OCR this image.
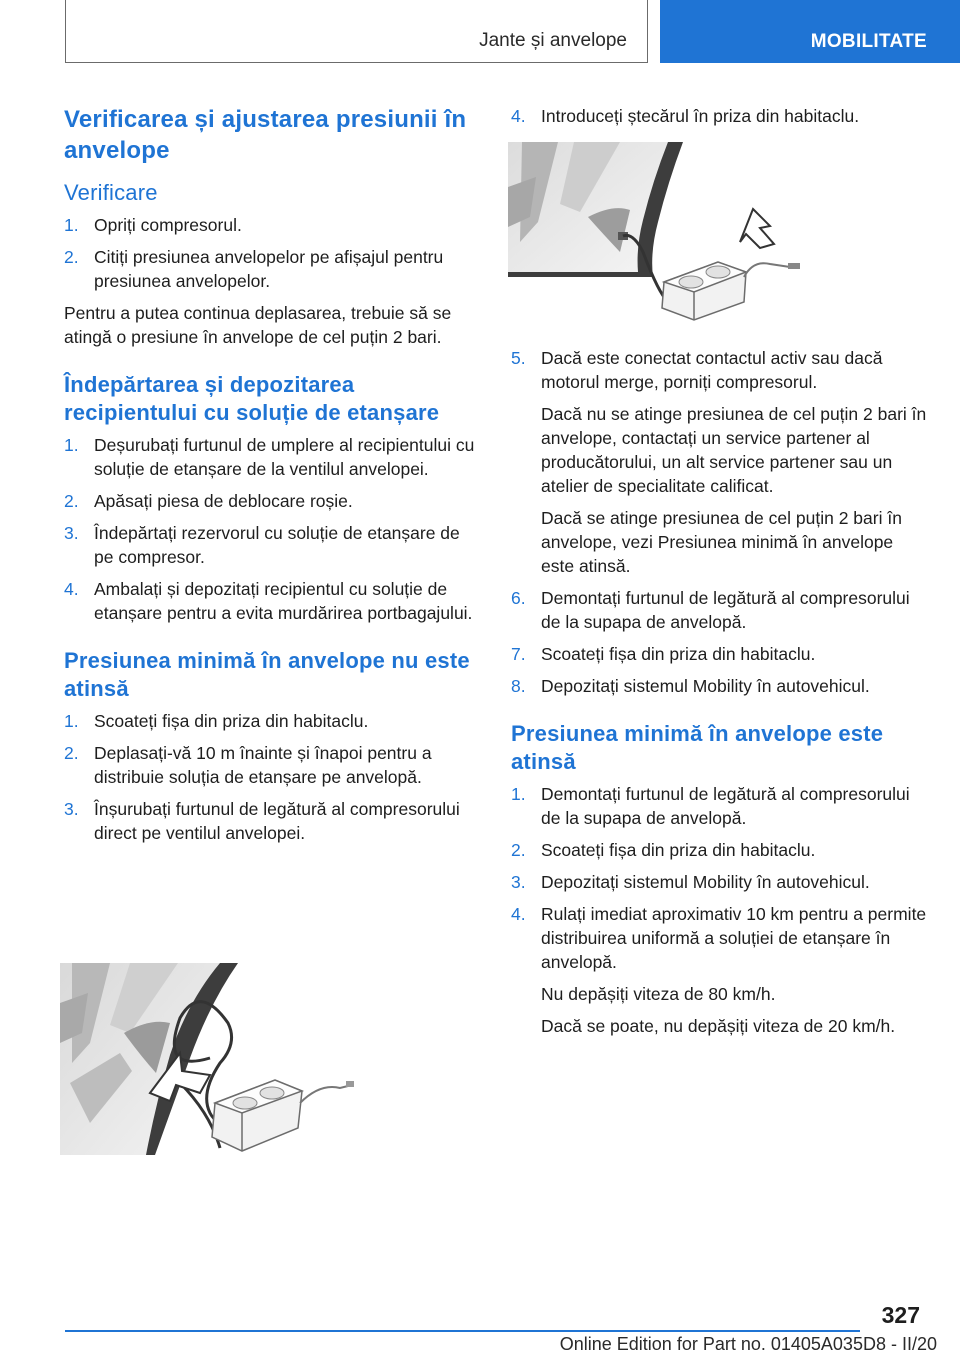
Jante și anvelope	MOBILITATE
Verificarea și ajustarea presiunii în anvelope
Verificare
1. Opriți compresorul.

2. Citiți presiunea anvelopelor pe afișajul pentru presiunea anvelopelor.

Pentru a putea continua deplasarea, trebuie să se atingă o presiune în anvelope de cel puțin 2 bari.

Îndepărtarea și depozitarea recipientului cu soluție de etanșare
1. Deșurubați furtunul de umplere al recipientului cu soluție de etanșare de la ventilul anvelopei.

2. Apăsați piesa de deblocare roșie.

3. Îndepărtați rezervorul cu soluție de etanșare de pe compresor.

4. Ambalați și depozitați recipientul cu soluție de etanșare pentru a evita murdărirea portbagajului.

Presiunea minimă în anvelope nu este atinsă
1. Scoateți fișa din priza din habitaclu.

2. Deplasați-vă 10 m înainte și înapoi pentru a distribuie soluția de etanșare pe anvelopă.

3. Înșurubați furtunul de legătură al compresorului direct pe ventilul anvelopei.

4. Introduceți ștecărul în priza din habitaclu.

5. Dacă este conectat contactul activ sau dacă motorul merge, porniți compresorul.

Dacă nu se atinge presiunea de cel puțin 2 bari în anvelope, contactați un service partener al producătorului, un alt service partener sau un atelier de specialitate calificat.

Dacă se atinge presiunea de cel puțin 2 bari în anvelope, vezi Presiunea minimă în anvelope este atinsă.

6. Demontați furtunul de legătură al compresorului de la supapa de anvelopă.

7. Scoateți fișa din priza din habitaclu.

8. Depozitați sistemul Mobility în autovehicul.

Presiunea minimă în anvelope este atinsă
1. Demontați furtunul de legătură al compresorului de la supapa de anvelopă.

2. Scoateți fișa din priza din habitaclu.

3. Depozitați sistemul Mobility în autovehicul.

4. Rulați imediat aproximativ 10 km pentru a permite distribuirea uniformă a soluției de etanșare în anvelopă.

Nu depășiți viteza de 80 km/h.

Dacă se poate, nu depășiți viteza de 20 km/h.

327
Online Edition for Part no. 01405A035D8 - II/20
